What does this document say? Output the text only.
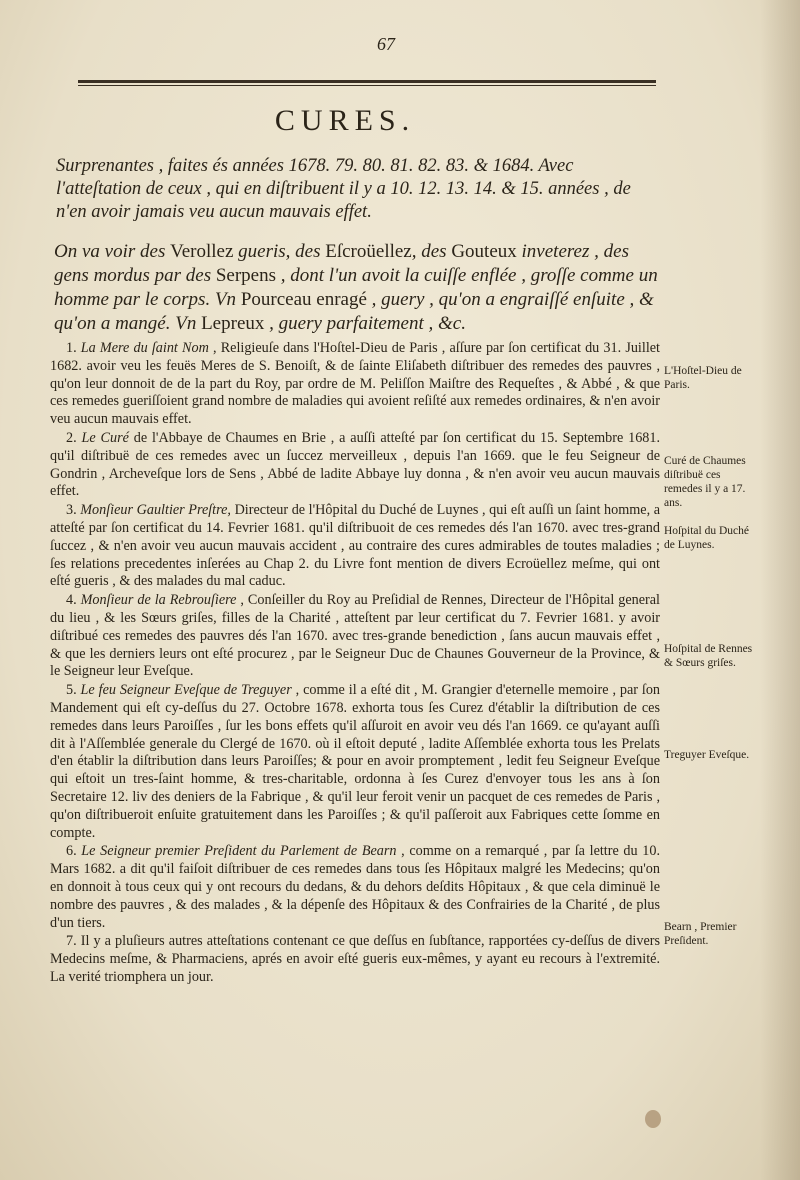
67
CURES.
Surprenantes , faites és années 1678. 79. 80. 81. 82. 83. & 1684. Avec l'atteſtation de ceux , qui en diſtribuent il y a 10. 12. 13. 14. & 15. années , de n'en avoir jamais veu aucun mauvais effet.
On va voir des Verollez gueris, des Eſcroüellez, des Gouteux inveterez , des gens mordus par des Serpens , dont l'un avoit la cuiſſe enflée , groſſe comme un homme par le corps. Vn Pourceau enragé , guery , qu'on a engraiſſé enſuite , & qu'on a mangé. Vn Lepreux , guery parfaitement , &c.

1. La Mere du ſaint Nom , Religieuſe dans l'Hoſtel-Dieu de Paris , aſſure par ſon certificat du 31. Juillet 1682. avoir veu les feuës Meres de S. Benoiſt, & de ſainte Eliſabeth diſtribuer des remedes des pauvres , qu'on leur donnoit de de la part du Roy, par ordre de M. Peliſſon Maiſtre des Requeſtes , & Abbé , & que ces remedes gueriſſoient grand nombre de maladies qui avoient reſiſté aux remedes ordinaires, & n'en avoir veu aucun mauvais effet.

2. Le Curé de l'Abbaye de Chaumes en Brie , a auſſi atteſté par ſon certificat du 15. Septembre 1681. qu'il diſtribuë de ces remedes avec un ſuccez merveilleux , depuis l'an 1669. que le feu Seigneur de Gondrin , Archeveſque lors de Sens , Abbé de ladite Abbaye luy donna , & n'en avoir veu aucun mauvais effet.

3. Monſieur Gaultier Preſtre, Directeur de l'Hôpital du Duché de Luynes , qui eſt auſſi un ſaint homme, a atteſté par ſon certificat du 14. Fevrier 1681. qu'il diſtribuoit de ces remedes dés l'an 1670. avec tres-grand ſuccez , & n'en avoir veu aucun mauvais accident , au contraire des cures admirables de toutes maladies ; ſes relations precedentes inſerées au Chap 2. du Livre font mention de divers Ecroüellez meſme, qui ont eſté gueris , & des malades du mal caduc.

4. Monſieur de la Rebrouſiere , Conſeiller du Roy au Preſidial de Rennes, Directeur de l'Hôpital general du lieu , & les Sœurs griſes, filles de la Charité , atteſtent par leur certificat du 7. Fevrier 1681. y avoir diſtribué ces remedes des pauvres dés l'an 1670. avec tres-grande benediction , ſans aucun mauvais effet , & que les derniers leurs ont eſté procurez , par le Seigneur Duc de Chaunes Gouverneur de la Province, & le Seigneur leur Eveſque.

5. Le feu Seigneur Eveſque de Treguyer , comme il a eſté dit , M. Grangier d'eternelle memoire , par ſon Mandement qui eſt cy-deſſus du 27. Octobre 1678. exhorta tous ſes Curez d'établir la diſtribution de ces remedes dans leurs Paroiſſes , ſur les bons effets qu'il aſſuroit en avoir veu dés l'an 1669. ce qu'ayant auſſi dit à l'Aſſemblée generale du Clergé de 1670. où il eſtoit deputé , ladite Aſſemblée exhorta tous les Prelats d'en établir la diſtribution dans leurs Paroiſſes; & pour en avoir promptement , ledit feu Seigneur Eveſque qui eſtoit un tres-ſaint homme, & tres-charitable, ordonna à ſes Curez d'envoyer tous les ans à ſon Secretaire 12. liv des deniers de la Fabrique , & qu'il leur feroit venir un pacquet de ces remedes de Paris , qu'on diſtribueroit enſuite gratuitement dans les Paroiſſes ; & qu'il paſſeroit aux Fabriques cette ſomme en compte.

6. Le Seigneur premier Preſident du Parlement de Bearn , comme on a remarqué , par ſa lettre du 10. Mars 1682. a dit qu'il faiſoit diſtribuer de ces remedes dans tous ſes Hôpitaux malgré les Medecins; qu'on en donnoit à tous ceux qui y ont recours du dedans, & du dehors deſdits Hôpitaux , & que cela diminuë le nombre des pauvres , & des malades , & la dépenſe des Hôpitaux & des Confrairies de la Charité , de plus d'un tiers.

7. Il y a pluſieurs autres atteſtations contenant ce que deſſus en ſubſtance, rapportées cy-deſſus de divers Medecins meſme, & Pharmaciens, aprés en avoir eſté gueris eux-mêmes, y ayant eu recours à l'extremité. La verité triomphera un jour.

L'Hoſtel-Dieu de Paris.
Curé de Chaumes diſtribuë ces remedes il y a 17. ans.
Hoſpital du Duché de Luynes.
Hoſpital de Rennes & Sœurs griſes.
Treguyer Eveſque.
Bearn , Premier Preſident.
